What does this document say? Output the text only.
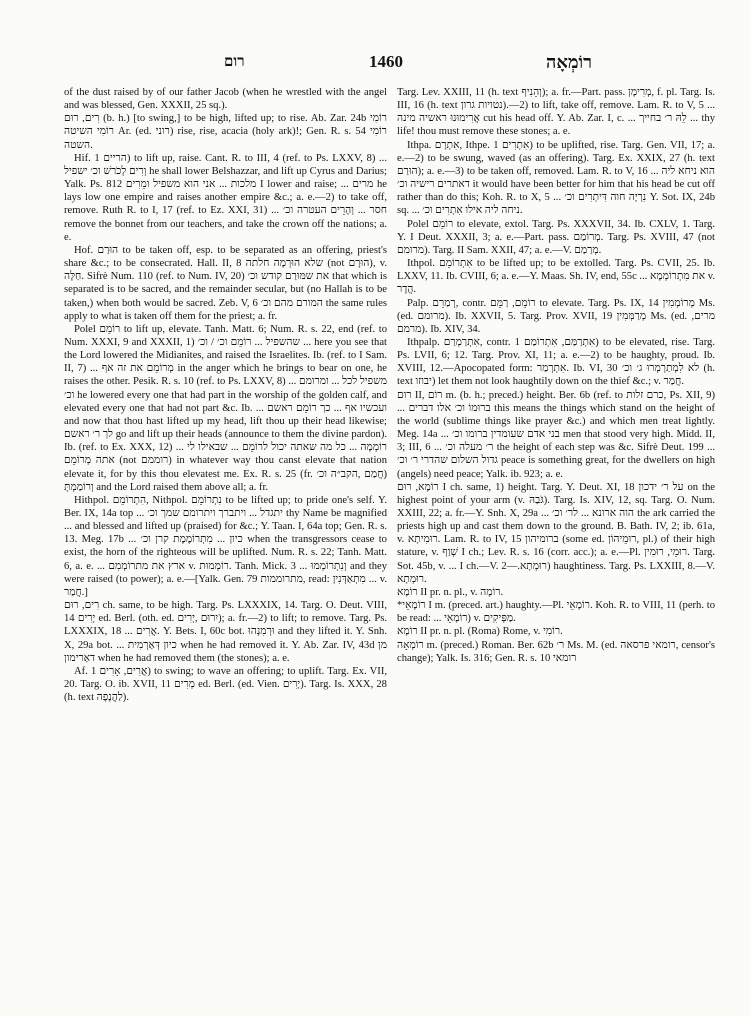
רום	1460	רוֹמְאָה

of the dust raised by of our father Jacob (when he wrestled with the angel and was blessed, Gen. XXXII, 25 sq.).

רִים, רוּם (b. h.) [to swing,] to be high, lifted up; to rise. Ab. Zar. 24b רוֹמִי רוֹמִי השיטה Ar. (ed. רוני) rise, rise, acacia (holy ark)!; Gen. R. s. 54 רוֹמִי השטה.

Hif. הריים 1) to lift up, raise. Cant. R. to III, 4 (ref. to Ps. LXXV, 8) ... וְרִים לְכֹרשׁ וכ׳ ישפיל he shall lower Belshazzar, and lift up Cyrus and Darius; Yalk. Ps. 812 מלכות ... אני הוא משפיל ומֵרִים I lower and raise; ... מרים he lays low one empire and raises another empire &c.; a. e.—2) to take off, remove. Ruth R. to I, 17 (ref. to Ez. XXI, 31) ... חסר ... וְהָרֵים העטרה וכ׳ remove the bonnet from our teachers, and take the crown off the nations; a. e.

Hof. הוּרַם to be taken off, esp. to be separated as an offering, priest's share &c.; to be consecrated. Hall. II, 8 שלא הוּרְמָה חלתה (not הוּרָם), v. חַלָּה. Sifrè Num. 110 (ref. to Num. IV, 20) את שמּוּרַם קודש וכ׳ that which is separated is to be sacred, and the remainder secular, but (no Hallah is to be taken,) when both would be sacred. Zeb. V, 6 המורם מהם וכ׳ the same rules apply to what is taken off them for the priest; a. fr.

Polel רוֹמֵם to lift up, elevate. Tanh. Matt. 6; Num. R. s. 22, end (ref. to Num. XXXI, 9 and XXXII, 1) שהשפיל ... רוֹמֵם וכ׳ / וכ׳ ... here you see that the Lord lowered the Midianites, and raised the Israelites. Ib. (ref. to I Sam. II, 7) ... מְרוֹמֵם את זה אף in the anger which he brings to bear on one, he raises the other. Pesik. R. s. 10 (ref. to Ps. LXXV, 8) ... משפיל לכל ... ומרומם וכ׳ he lowered every one that had part in the worship of the golden calf, and elevated every one that had not part &c. Ib. ... ועכשיו אף ... כך רוֹמֵם ראשם and now that thou hast lifted up my head, lift thou up their head likewise; לך ר׳ ראשם go and lift up their heads (announce to them the divine pardon). Ib. (ref. to Ex. XXX, 12) ... רוֹמְמָה ... כל מה שאתה יכול לרוֹמֵם ... שבאילו לי אתה מְרוֹמֵם (not רוממם) in whatever way thou canst elevate that nation elevate it, for by this thou elevatest me. Ex. R. s. 25 (fr. חֲמַם ,הקב״ה וכ׳) וְרוֹמַמְתָּ and the Lord raised them above all; a. fr.

Hithpol. הִתְרוֹמֵם, Nithpol. נִתְרוֹמֵם to be lifted up; to pride one's self. Y. Ber. IX, 14a top ... יתגדל ... ויתברך ויתרומם שמך וכ׳ thy Name be magnified ... and blessed and lifted up (praised) for &c.; Y. Taan. I, 64a top; Gen. R. s. 13. Meg. 17b ... כיון ... מִתְרוֹמֶמֶת קרן וכ׳ when the transgressors cease to exist, the horn of the righteous will be uplifted. Num. R. s. 22; Tanh. Matt. 6, a. e. ... ארץ את מתרוֹמְמִם v. רוֹמְמוּת. Tanh. Mick. 3 ... וְנִתְרוֹמְמוּ and they were raised (to power); a. e.—[Yalk. Gen. 79 מתרוממות, read: מִתְאַדְּנִין ... v. חֲמַר.]

רִים, רוּם ch. same, to be high. Targ. Ps. LXXXIX, 14. Targ. O. Deut. VIII, 14 יָרִים ed. Berl. (oth. ed. יִרוּם ,יְרִים); a. fr.—2) to lift; to remove. Targ. Ps. LXXXIX, 18 ... אֲרִים. Y. Bets. I, 60c bot. וּרְמִנְהוּ and they lifted it. Y. Snh. X, 29a bot. ... כיון דְּאַרְמִית when he had removed it. Y. Ab. Zar. IV, 43d מן דאַרימון when he had removed them (the stones); a. e.

Af. אֲרִים, אָרִים 1) to swing; to wave an offering; to uplift. Targ. Ex. VII, 20. Targ. O. ib. XVII, 11 מְרִים ed. Berl. (ed. Vien. יָרִים). Targ. Is. XXX, 28 (h. text לַהֲנָפָה).

Targ. Lev. XXIII, 11 (h. text וְהֵנִיף); a. fr.—Part. pass. מְרִימָן, f. pl. Targ. Is. III, 16 (h. text נטויות גרון).—2) to lift, take off, remove. Lam. R. to V, 5 ... אֲרִימוּנוּ ראשיה מינה cut his head off. Y. Ab. Zar. I, c. ... לֵהּ ר׳ בחייך ... thy life! thou must remove these stones; a. e.

Ithpa. אִתְרָם, Ithpe. אִתְרִים 1) to be uplifted, rise. Targ. Gen. VII, 17; a. e.—2) to be swung, waved (as an offering). Targ. Ex. XXIX, 27 (h. text הוּרַם); a. e.—3) to be taken off, removed. Lam. R. to V, 16 הוא ניחא ליה ... דאתרים רישיה וכ׳ it would have been better for him that his head be cut off rather than do this; Koh. R. to X, 5 ... נִרְיָה חוה דִּיתְרִים וכ׳ Y. Sot. IX, 24b sq. ... ניחה ליה אילו אִתְרִים וכ׳.

Polel רוֹמֵם to elevate, extol. Targ. Ps. XXXVII, 34. Ib. CXLV, 1. Targ. Y. I Deut. XXXII, 3; a. e.—Part. pass. מְרוֹמַם. Targ. Ps. XVIII, 47 (not מרומם). Targ. II Sam. XXII, 47; a. e.—V. מְרַמַם.

Ithpol. אִתְרוֹמֵם to be lifted up; to be extolled. Targ. Ps. CVII, 25. Ib. LXXV, 11. Ib. CVIII, 6; a. e.—Y. Maas. Sh. IV, end, 55c ... את מִתְרוֹמְמָא v. הֲדָר.

Palp. רְמַרֵם, contr. רוֹמֵם, רַמֵּם to elevate. Targ. Ps. IX, 14 מְרוֹמְמִין Ms. (ed. מרומם). Ib. XXVII, 5. Targ. Prov. XVII, 19 מְרַמְּמִין Ms. (ed. מרים, מרמם). Ib. XIV, 34.

Ithpalp. אִתְרַמְרַם, contr. אִתְרַמַּם, אִתְרוֹמַם 1) to be elevated, rise. Targ. Ps. LVII, 6; 12. Targ. Prov. XI, 11; a. e.—2) to be haughty, proud. Ib. XVIII, 12.—Apocopated form: אִתְרְמַר. Ib. VI, 30 לא לִמְתַרְמְרוּ ג׳ וכ׳ (h. text יבוזו) let them not look haughtily down on the thief &c.; v. חֲמַר.

רוּם II, רוֹם m. (b. h.; preced.) height. Ber. 6b (ref. to כרם זלות, Ps. XII, 9) ... ברוּמוֹ וכ׳ אלו דברים this means the things which stand on the height of the world (sublime things like prayer &c.) and which men treat lightly. Meg. 14a ... בני אדם שעומדין ברומו וכ׳ men that stood very high. Midd. II, 3; III, 6 ... ר׳ מעלה וכ׳ the height of each step was &c. Sifrè Deut. 199 ... גדול השלום שהדרי ר׳ וכ׳ peace is something great, for the dwellers on high (angels) need peace; Yalk. ib. 923; a. e.

רוֹמָא, רוּם I ch. same, 1) height. Targ. Y. Deut. XI, 18 על ר׳ ידכון on the highest point of your arm (v. גֹּבַהּ). Targ. Is. XIV, 12, sq. Targ. O. Num. XXIII, 22; a. fr.—Y. Snh. X, 29a ... הוה ארונא ... לר׳ וכ׳ the ark carried the priests high up and cast them down to the ground. B. Bath. IV, 2; ib. 61a, v. רוּמִיתָא. Lam. R. to IV, 15 ברומיהון (some ed. רוּמֵיהוֹן, pl.) of their high stature, v. שְׁוַף I ch.; Lev. R. s. 16 (corr. acc.); a. e.—Pl. רוּמֵי, רוּמִין. Targ. Sot. 45b, v. ... I ch.—V. רוּמְתָא.—2) haughtiness. Targ. Ps. LXXIII, 8.—V. רוּמְתָא.

רוֹמָא II pr. n. pl., v. רוֹמָה.

*רוֹמָאֵי I m. (preced. art.) haughty.—Pl. רוֹמָאֵי. Koh. R. to VIII, 11 (perh. to be read: ... רוֹמָאֵי) v. מַפְּיקִים.

רוֹמָא II pr. n. pl. (Roma) Rome, v. רוֹמִי.

רוֹמְאָה m. (preced.) Roman. Ber. 62b ר׳ Ms. M. (ed. רומאי פרסאה, censor's change); Yalk. Is. 316; Gen. R. s. 10 רומאי
